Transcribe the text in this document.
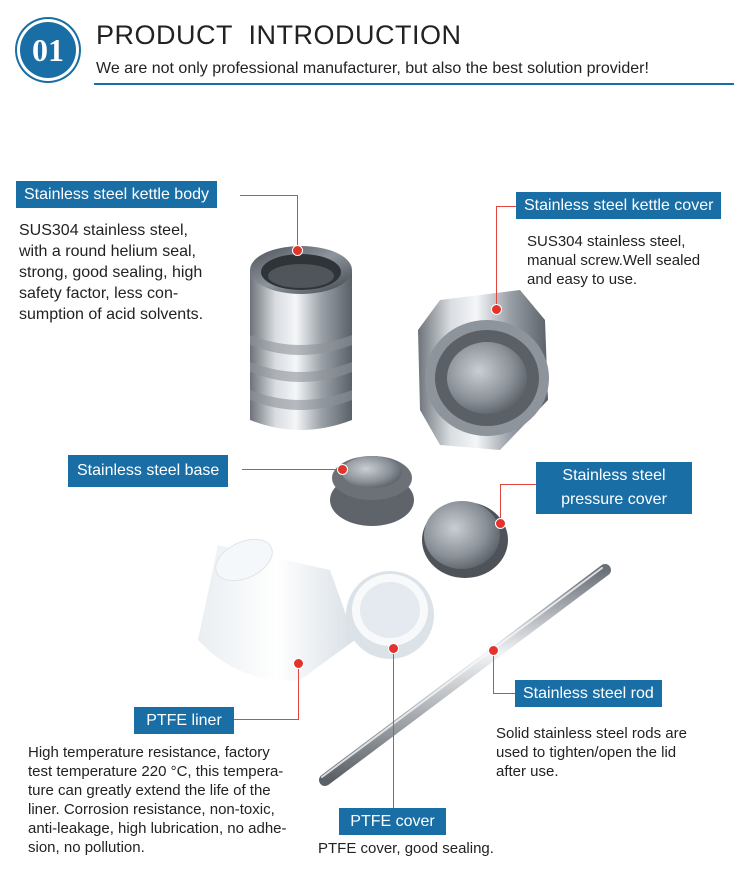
01	PRODUCT  INTRODUCTION
We are not only professional manufacturer, but also the best solution provider!
Stainless steel kettle body
SUS304 stainless steel,
with a round helium seal,
strong, good sealing, high
safety factor, less con-
sumption of acid solvents.
Stainless steel kettle cover
SUS304 stainless steel,
manual screw.Well sealed
and easy to use.
Stainless steel base	Stainless steel
pressure cover
Stainless steel rod
Solid stainless steel rods are
used to tighten/open the lid
after use.
PTFE liner
High temperature resistance, factory
test temperature 220 °C, this tempera-
ture can greatly extend the life of the
liner. Corrosion resistance, non-toxic,
anti-leakage, high lubrication, no adhe-
sion, no pollution.
PTFE cover
PTFE cover, good sealing.
